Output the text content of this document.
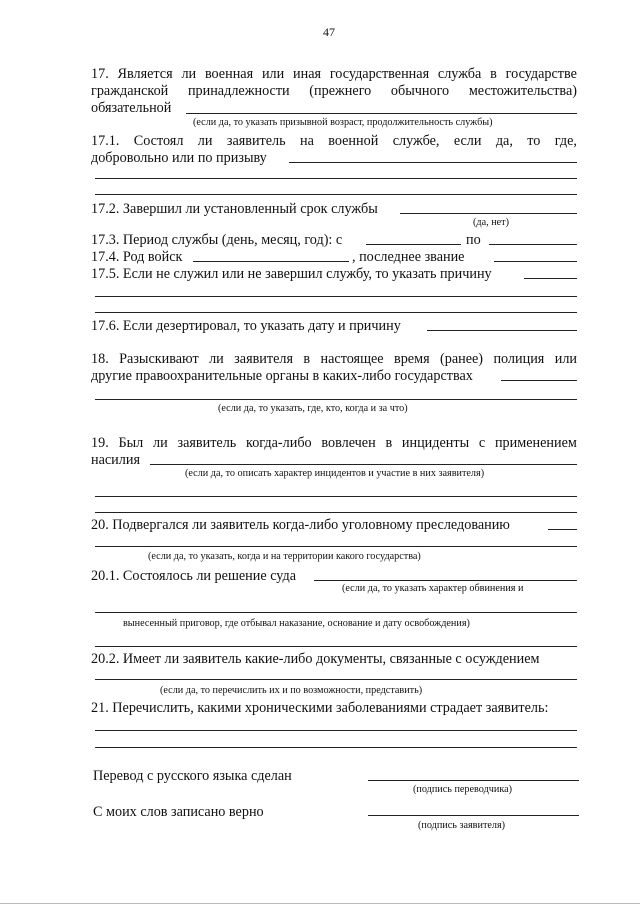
47
17. Является ли военная или иная государственная служба в государстве
гражданской принадлежности (прежнего обычного местожительства)
обязательной
(если да, то указать призывной возраст, продолжительность службы)
17.1. Состоял ли заявитель на военной службе, если да, то где,
добровольно или по призыву
17.2. Завершил ли установленный срок службы
(да, нет)
17.3. Период службы (день, месяц, год): с	по
17.4. Род войск	, последнее звание
17.5. Если не служил или не завершил службу, то указать причину
17.6. Если дезертировал, то указать дату и причину
18. Разыскивают ли заявителя в настоящее время (ранее) полиция или
другие правоохранительные органы в каких-либо государствах
(если да, то указать, где, кто, когда и за что)
19. Был ли заявитель когда-либо вовлечен в инциденты с применением
насилия
(если да, то описать характер инцидентов и участие в них заявителя)
20. Подвергался ли заявитель когда-либо уголовному преследованию
(если да, то указать, когда и на территории какого государства)
20.1. Состоялось ли решение суда
(если да, то указать характер обвинения и
вынесенный приговор, где отбывал наказание, основание и дату освобождения)
20.2. Имеет ли заявитель какие-либо документы, связанные с осуждением
(если да, то перечислить их и по возможности, представить)
21. Перечислить, какими хроническими заболеваниями страдает заявитель:
Перевод с русского языка сделан
(подпись переводчика)
С моих слов записано верно
(подпись заявителя)
